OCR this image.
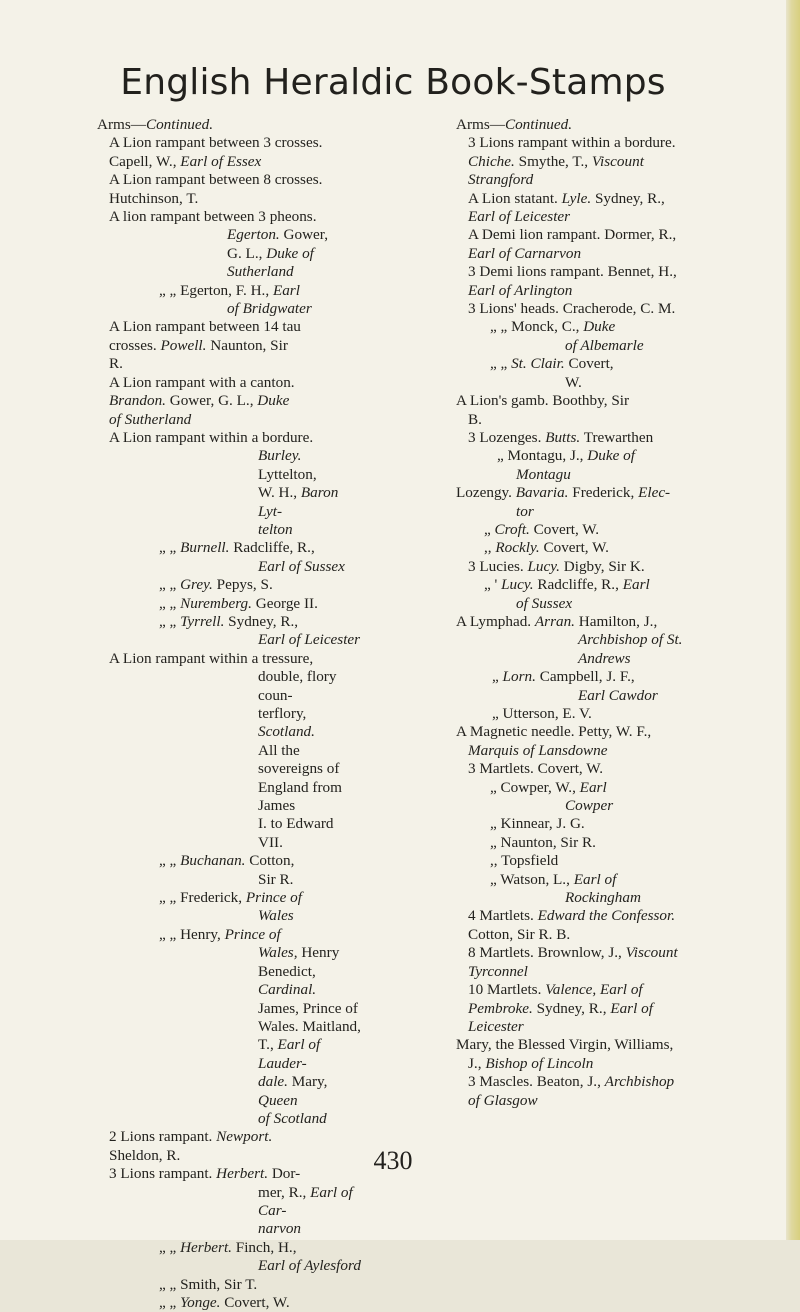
English Heraldic Book-Stamps

Arms—Continued.

A Lion rampant between 3 crosses.

Capell, W., Earl of Essex

A Lion rampant between 8 crosses.

Hutchinson, T.

A lion rampant between 3 pheons.

Egerton. Gower,

G. L., Duke of

Sutherland

„ „ Egerton, F. H., Earl

of Bridgwater

A Lion rampant between 14 tau

crosses. Powell. Naunton, Sir

R.

A Lion rampant with a canton.

Brandon. Gower, G. L., Duke

of Sutherland

A Lion rampant within a bordure.

Burley. Lyttelton,

W. H., Baron Lyt-

telton

„ „ Burnell. Radcliffe, R.,

Earl of Sussex

„ „ Grey. Pepys, S.

„ „ Nuremberg. George II.

„ „ Tyrrell. Sydney, R.,

Earl of Leicester

A Lion rampant within a tressure,

double, flory coun-

terflory, Scotland.

All the sovereigns of

England from James

I. to Edward VII.

„ „ Buchanan. Cotton,

Sir R.

„ „ Frederick, Prince of

Wales

„ „ Henry, Prince of

Wales, Henry

Benedict, Cardinal.

James, Prince of

Wales. Maitland,

T., Earl of Lauder-

dale. Mary, Queen

of Scotland

2 Lions rampant. Newport.

Sheldon, R.

3 Lions rampant. Herbert. Dor-

mer, R., Earl of Car-

narvon

„ „ Herbert. Finch, H.,

Earl of Aylesford

„ „ Smith, Sir T.

„ „ Yonge. Covert, W.

Arms—Continued.

3 Lions rampant within a bordure.

Chiche. Smythe, T., Viscount

Strangford

A Lion statant. Lyle. Sydney, R.,

Earl of Leicester

A Demi lion rampant. Dormer, R.,

Earl of Carnarvon

3 Demi lions rampant. Bennet, H.,

Earl of Arlington

3 Lions' heads. Cracherode, C. M.

„ „ Monck, C., Duke

of Albemarle

„ „ St. Clair. Covert,

W.

A Lion's gamb. Boothby, Sir

B.

3 Lozenges. Butts. Trewarthen

„ Montagu, J., Duke of

Montagu

Lozengy. Bavaria. Frederick, Elec-

tor

„ Croft. Covert, W.

,, Rockly. Covert, W.

3 Lucies. Lucy. Digby, Sir K.

„ ' Lucy. Radcliffe, R., Earl

of Sussex

A Lymphad. Arran. Hamilton, J.,

Archbishop of St.

Andrews

„ Lorn. Campbell, J. F.,

Earl Cawdor

„ Utterson, E. V.

A Magnetic needle. Petty, W. F.,

Marquis of Lansdowne

3 Martlets. Covert, W.

„ Cowper, W., Earl

Cowper

„ Kinnear, J. G.

„ Naunton, Sir R.

,, Topsfield

„ Watson, L., Earl of

Rockingham

4 Martlets. Edward the Confessor.

Cotton, Sir R. B.

8 Martlets. Brownlow, J., Viscount

Tyrconnel

10 Martlets. Valence, Earl of

Pembroke. Sydney, R., Earl of

Leicester

Mary, the Blessed Virgin, Williams,

J., Bishop of Lincoln

3 Mascles. Beaton, J., Archbishop

of Glasgow

430
